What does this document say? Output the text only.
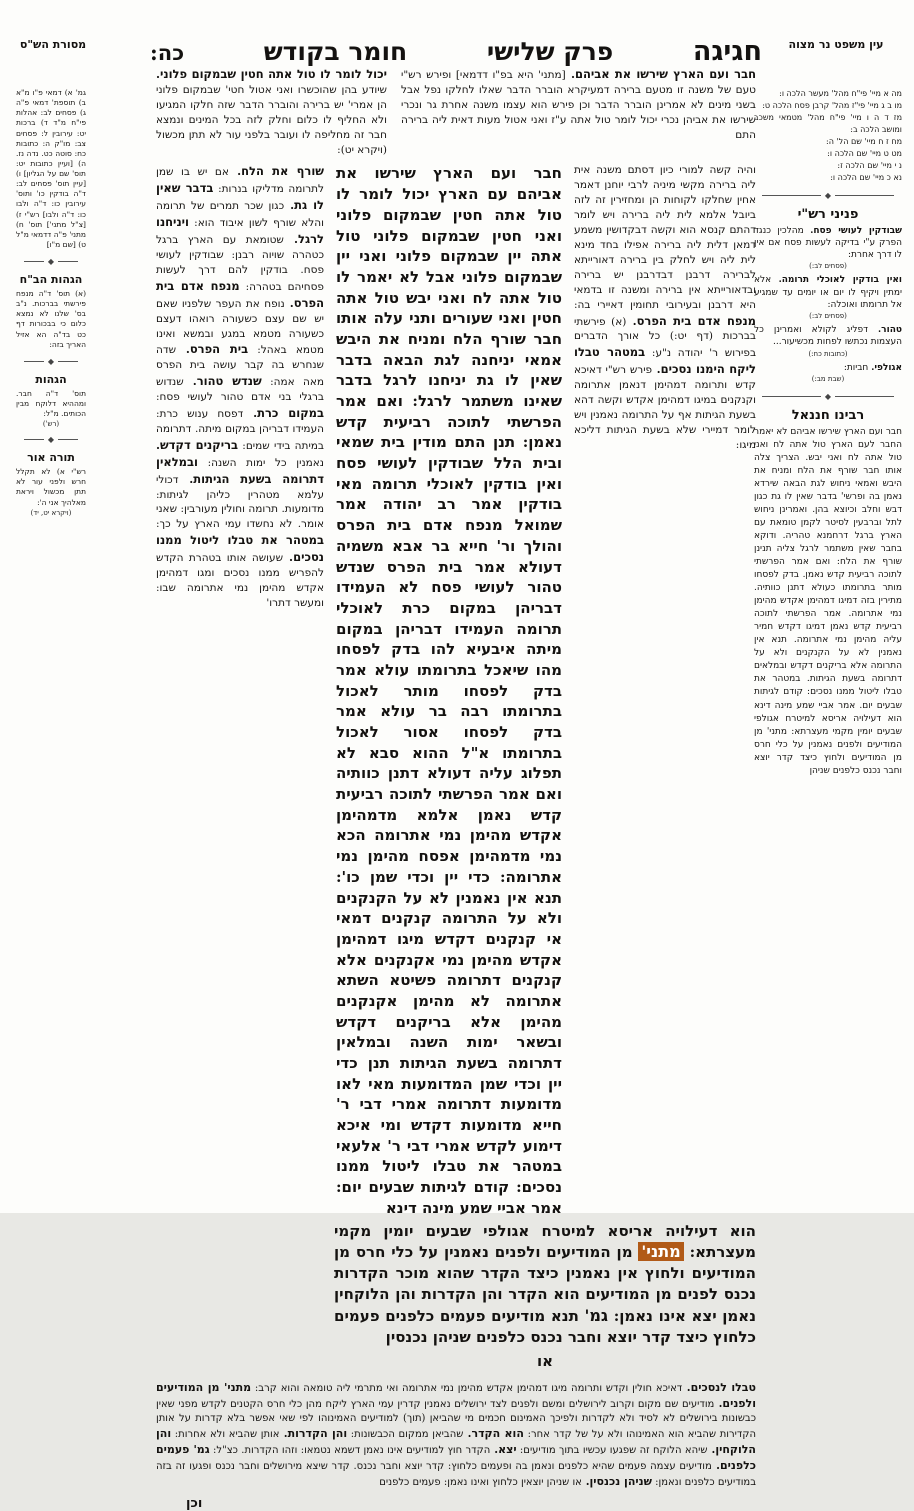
עין משפט נר מצוה
מסורת הש"ס	חגיגה
פרק שלישי
חומר בקודש
כה:
מה א מיי' פי"ח מהל' מעשר הלכה ו:
מו ב ג מיי' פי"ז מהל' קרבן פסח הלכה ט:
מז ד ה ו מיי' פי"ח מהל' מטמאי משכב ומושב הלכה ב:
מח ז ח מיי' שם הל' ה:
מט ט מיי' שם הלכה ו:
נ י מיי' שם הלכה ז:
נא כ מיי' שם הלכה ו:
◆
פניני רש"י
שבודקין לעושי פסח. מהלכין כנגד הפרק ע"י בדיקה לעשות פסח אם אין לו דרך אחרת:
(פסחים לב:)
ואין בודקין לאוכלי תרומה. אלא ימתין ויקיף לו יום או יומים עד שמגיע אל תרומתו ואוכלה:
(פסחים לב:)
טהור. דפליג לקולא ואמרינן כל העצמות נכתשו לפחות מכשיעור...
(כתובות כח:)
אגולפי. חביות:
(שבת מב:)
◆
רבינו חננאל
חבר ועם הארץ שירשו אביהם לא יאמר החבר לעם הארץ טול אתה לח ואני טול אתה לח ואני יבש. הצריך צלה אותו חבר שורף את הלח ומניח את היבש ואמאי ניחוש לגת הבאה שירדא נאמן בה ופרשי' בדבר שאין לו גת כגון דבש וחלב וכיוצא בהן. ואמרינן ניחוש לתל וברבעין לסיטר לקמן טומאת עם הארץ ברגל דרחמנא טהריה. ודוקא בחבר שאין משתמר לרגל צליה תנינן שורף את הלח: ואם אמר הפרשתי לתוכה רביעית קדש נאמן. בדק לפסחו מותר בתרומתו כעולא דתנן כוותיה. מתירין בזה דמיגו דמהימן אקדש מהימן נמי אתרומה. אמר הפרשתי לתוכה רביעית קדש נאמן דמיגו דקדש חמיר עליה מהימן נמי אתרומה. תנא אין נאמנין לא על הקנקנים ולא על התרומה אלא בריקנים דקדש ובמלאים דתרומה בשעת הגיתות. במטהר את טבלו ליטול ממנו נסכים: קודם לגיתות שבעים יום. אמר אביי שמע מינה דינא הוא דעילויה אריסא למיטרח אגולפי שבעים יומין מקמי מעצרתא: מתני' מן המודיעים ולפנים נאמנין על כלי חרס מן המודיעים ולחוץ כיצד קדר יוצא וחבר נכנס כלפנים שניהן
גמ' א) דמאי פ"ו מ"א ב) תוספת' דמאי פ"ה ג) פסחים לב: אהלות פי"ח מ"ד ד) ברכות יט: עירובין ל: פסחים צב: מו"ק ה: כתובות כח: סוטה כט. נדה נז. ה) [ועיין כתובות יט: תוס' שם על הגליון] ו) [עיין תוס' פסחים לב: ד"ה בודקין כו' ותוס' עירובין כו: ד"ה ולבו כו: ד"ה ולבו] רש"י ז) [צ"ל מתני'] תוס' ח) מתני' פ"ה דדמאי מ"ל ט) [שם מ"ו]
◆
הגהות הב"ח
(א) תוס' ד"ה מנפח פירשתי בברכות. נ"ב בס' שלנו לא נמצא כלום כי בבכורות דף כט בד"ה הא אזיל האריך בזה:
◆
הגהות
תוס' ד"ה חבר. ומההיא דלוקח מבין הכותים. מ"ל:
(רש')
◆
תורה אור
רש"י א) לא תקלל חרש ולפני עור לא תתן מכשול ויראת מאלהיך אני ה':
(ויקרא יט, יד)
חבר ועם הארץ שירשו את אביהם. [מתני' היא בפ"ו דדמאי] ופירש רש"י טעם של משנה זו מטעם ברירה דמעיקרא הוברר הדבר שאלו לחלקו נפל אבל בשני מינים לא אמרינן הוברר הדבר וכן פירש הוא עצמו משנה אחרת גר ונכרי שירשו את אביהן נכרי יכול לומר טול אתה ע"ז ואני אטול מעות דאית ליה ברירה התם
יכול לומר לו טול אתה חטין שבמקום פלוני. שיודע בהן שהוכשרו ואני אטול חטי' שבמקום פלוני הן אמרי' יש ברירה והוברר הדבר שזה חלקו המגיעו ולא החליף לו כלום וחלק לזה בכל המינים ונמצא חבר זה מחליפה לו ועובר בלפני עור לא תתן מכשול (ויקרא יט):
והיה קשה למורי כיון דסתם משנה אית ליה ברירה מקשי מיניה לרבי יוחנן דאמר אחין שחלקו לקוחות הן ומחזירין זה לזה ביובל אלמא לית ליה ברירה ויש לומר דהתם קנסא הוא וקשה דבקדושין משמע דמאן דלית ליה ברירה אפילו בחד מינא לית ליה ויש לחלק בין ברירה דאורייתא לברירה דרבנן דבדרבנן יש ברירה ובדאורייתא אין ברירה ומשנה זו בדמאי היא דרבנן ובעירובי תחומין דאיירי בה: מנפח אדם בית הפרס. (א) פירשתי בברכות (דף יט:) כל אורך הדברים בפירוש ר' יהודה נ"ע: במטהר טבלו ליקח הימנו נסכים. פירש רש"י דאיכא קדש ותרומה דמהימן דנאמן אתרומה וקנקנים במיגו דמהימן אקדש וקשה דהא בשעת הגיתות אף על התרומה נאמנין ויש לומר דמיירי שלא בשעת הגיתות דליכא מיגו:
חבר ועם הארץ שירשו את אביהם עם הארץ יכול לומר לו טול אתה חטין שבמקום פלוני ואני חטין שבמקום פלוני טול אתה יין שבמקום פלוני ואני יין שבמקום פלוני אבל לא יאמר לו טול אתה לח ואני יבש טול אתה חטין ואני שעורים ותני עלה אותו חבר שורף הלח ומניח את היבש אמאי יניחנה לגת הבאה בדבר שאין לו גת יניחנו לרגל בדבר שאינו משתמר לרגל: ואם אמר הפרשתי לתוכה רביעית קדש נאמן: תנן התם מודין בית שמאי ובית הלל שבודקין לעושי פסח ואין בודקין לאוכלי תרומה מאי בודקין אמר רב יהודה אמר שמואל מנפח אדם בית הפרס והולך ור' חייא בר אבא משמיה דעולא אמר בית הפרס שנדש טהור לעושי פסח לא העמידו דבריהן במקום כרת לאוכלי תרומה העמידו דבריהן במקום מיתה איבעיא להו בדק לפסחו מהו שיאכל בתרומתו עולא אמר בדק לפסחו מותר לאכול בתרומתו רבה בר עולא אמר בדק לפסחו אסור לאכול בתרומתו א"ל ההוא סבא לא תפלוג עליה דעולא דתנן כוותיה ואם אמר הפרשתי לתוכה רביעית קדש נאמן אלמא מדמהימן אקדש מהימן נמי אתרומה הכא נמי מדמהימן אפסח מהימן נמי אתרומה: כדי יין וכדי שמן כו': תנא אין נאמנין לא על הקנקנים ולא על התרומה קנקנים דמאי אי קנקנים דקדש מיגו דמהימן אקדש מהימן נמי אקנקנים אלא קנקנים דתרומה פשיטא השתא אתרומה לא מהימן אקנקנים מהימן אלא בריקנים דקדש ובשאר ימות השנה ובמלאין דתרומה בשעת הגיתות תנן כדי יין וכדי שמן המדומעות מאי לאו מדומעות דתרומה אמרי דבי ר' חייא מדומעות דקדש ומי איכא דימוע לקדש אמרי דבי ר' אלעאי במטהר את טבלו ליטול ממנו נסכים: קודם לגיתות שבעים יום: אמר אביי שמע מינה דינא
שורף את הלח. אם יש בו שמן לתרומה מדליקו בנרות: בדבר שאין לו גת. כגון שכר תמרים של תרומה והלא שורף לשון איבוד הוא: ויניחנו לרגל. שטומאת עם הארץ ברגל כטהרה שויוה רבנן: שבודקין לעושי פסח. בודקין להם דרך לעשות פסחיהם בטהרה: מנפח אדם בית הפרס. נופח את העפר שלפניו שאם יש שם עצם כשעורה רואהו דעצם כשעורה מטמא במגע ובמשא ואינו מטמא באהל: בית הפרס. שדה שנחרש בה קבר עושה בית הפרס מאה אמה: שנדש טהור. שנדוש ברגלי בני אדם טהור לעושי פסח: במקום כרת. דפסח ענוש כרת: העמידו דבריהן במקום מיתה. דתרומה במיתה בידי שמים: בריקנים דקדש. נאמנין כל ימות השנה: ובמלאין דתרומה בשעת הגיתות. דכולי עלמא מטהרין כליהן לגיתות: מדומעות. תרומה וחולין מעורבין: שאני אומר. לא נחשדו עמי הארץ על כך: במטהר את טבלו ליטול ממנו נסכים. שעושה אותו בטהרת הקדש להפריש ממנו נסכים ומגו דמהימן אקדש מהימן נמי אתרומה שבו: ומעשר דתרו'
הוא דעילויה אריסא למיטרח אגולפי שבעים יומין מקמי מעצרתא: מתני' מן המודיעים ולפנים נאמנין על כלי חרס מן המודיעים ולחוץ אין נאמנין כיצד הקדר שהוא מוכר הקדרות נכנס לפנים מן המודיעים הוא הקדר והן הקדרות והן הלוקחין נאמן יצא אינו נאמן: גמ' תנא מודיעים פעמים כלפנים פעמים כלחוץ כיצד קדר יוצא וחבר נכנס כלפנים שניהן נכנסין
או
טבלו לנסכים. דאיכא חולין וקדש ותרומה מיגו דמהימן אקדש מהימן נמי אתרומה ואי מתרמי ליה טומאה והוא קרב: מתני' מן המודיעים ולפנים. מודיעים שם מקום וקרוב לירושלים ומשם ולפנים לצד ירושלים נאמנין קדרין עמי הארץ ליקח מהן כלי חרס הקטנים לקדש מפני שאין כבשונות בירושלים לא לסיד ולא לקדרות ולפיכך האמינום חכמים מי שהביאן (תוך) למודיעים האמינוהו לפי שאי אפשר בלא קדרות על אותן הקדירות שהביא הוא האמינוהו ולא על של קדר אחר: הוא הקדר. שהביאן ממקום הכבשונות: והן הקדרות. אותן שהביא ולא אחרות: והן הלוקחין. שיהא הלוקח זה שפגעו עכשיו בתוך מודיעים: יצא. הקדר חוץ למודיעים אינו נאמן דשמא נטמאו: וזהו הקדרות. כצ"ל: גמ' פעמים כלפנים. מודיעים עצמה פעמים שהיא כלפנים ונאמן בה ופעמים כלחוץ: קדר יוצא וחבר נכנס. קדר שיצא מירושלים וחבר נכנס ופגעו זה בזה במודיעים כלפנים ונאמן: שניהן נכנסין. או שניהן יוצאין כלחוץ ואינו נאמן: פעמים כלפנים
וכן
